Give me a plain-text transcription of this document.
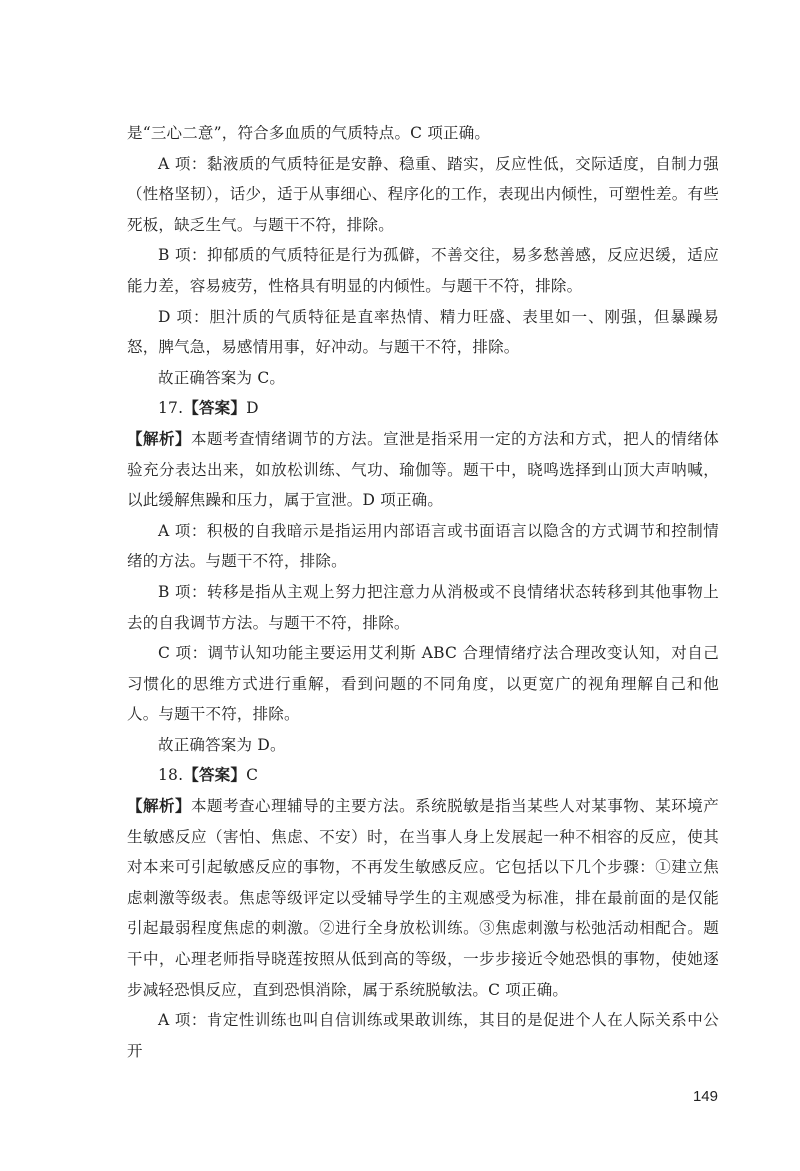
是“三心二意”，符合多血质的气质特点。C 项正确。

A 项：黏液质的气质特征是安静、稳重、踏实，反应性低，交际适度，自制力强（性格坚韧），话少，适于从事细心、程序化的工作，表现出内倾性，可塑性差。有些死板，缺乏生气。与题干不符，排除。

B 项：抑郁质的气质特征是行为孤僻，不善交往，易多愁善感，反应迟缓，适应能力差，容易疲劳，性格具有明显的内倾性。与题干不符，排除。

D 项：胆汁质的气质特征是直率热情、精力旺盛、表里如一、刚强，但暴躁易怒，脾气急，易感情用事，好冲动。与题干不符，排除。

故正确答案为 C。

17.【答案】D

【解析】本题考查情绪调节的方法。宣泄是指采用一定的方法和方式，把人的情绪体验充分表达出来，如放松训练、气功、瑜伽等。题干中，晓鸣选择到山顶大声呐喊，以此缓解焦躁和压力，属于宣泄。D 项正确。

A 项：积极的自我暗示是指运用内部语言或书面语言以隐含的方式调节和控制情绪的方法。与题干不符，排除。

B 项：转移是指从主观上努力把注意力从消极或不良情绪状态转移到其他事物上去的自我调节方法。与题干不符，排除。

C 项：调节认知功能主要运用艾利斯 ABC 合理情绪疗法合理改变认知，对自己习惯化的思维方式进行重解，看到问题的不同角度，以更宽广的视角理解自己和他人。与题干不符，排除。

故正确答案为 D。

18.【答案】C

【解析】本题考查心理辅导的主要方法。系统脱敏是指当某些人对某事物、某环境产生敏感反应（害怕、焦虑、不安）时，在当事人身上发展起一种不相容的反应，使其对本来可引起敏感反应的事物，不再发生敏感反应。它包括以下几个步骤：①建立焦虑刺激等级表。焦虑等级评定以受辅导学生的主观感受为标准，排在最前面的是仅能引起最弱程度焦虑的刺激。②进行全身放松训练。③焦虑刺激与松弛活动相配合。题干中，心理老师指导晓莲按照从低到高的等级，一步步接近令她恐惧的事物，使她逐步减轻恐惧反应，直到恐惧消除，属于系统脱敏法。C 项正确。

A 项：肯定性训练也叫自信训练或果敢训练，其目的是促进个人在人际关系中公开

149
